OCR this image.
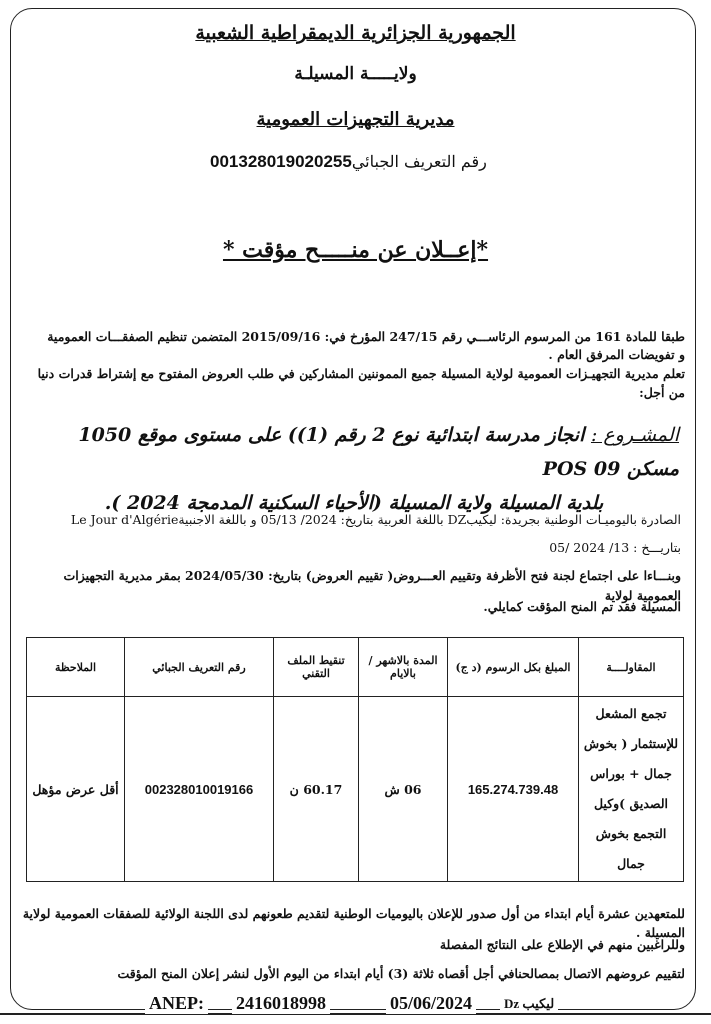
الجمهورية الجزائرية الديمقراطية الشعبية
ولايـــــة المسيلـة
مديرية التجهيزات العمومية
رقم التعريف الجبائي001328019020255
*إعــلان عن منـــــح مؤقت *
طبقا للمادة 161 من المرسوم الرئاســـي رقم 247/15 المؤرخ في: 2015/09/16 المتضمن تنظيم الصفقـــات العمومية
و تفويضات المرفق العام .
تعلم مديرية التجهيـزات العمومية لولاية المسيلة جميع المموننين المشاركين في طلب العروض المفتوح مع إشتراط قدرات دنيا من أجل:
المشـروع : انجاز مدرسة ابتدائية نوع 2 رقم (1)) على مستوى موقع 1050 مسكن POS 09
بلدية المسيلة ولاية المسيلة (الأحياء السكنية المدمجة 2024 ).
الصادرة باليوميـات الوطنية بجريدة: ليكيبDZ باللغة العربية بتاريخ: 2024/ 05/13 و باللغة الاجنبيةLe Jour d'Algérie
بتاريـــخ : 13/ 2024 /05
وبنـــاءا على اجتماع لجنة فتح الأظرفة وتقييم العـــروض( تقييم العروض) بتاريخ: 2024/05/30 بمقر مديرية التجهيزات العمومية لولاية
المسيلة فقد تم المنح المؤقت كمايلي.
المقاولــــة	المبلغ بكل الرسوم (د ج)	المدة بالاشهر / بالايام	تنقيط الملف التقني	رقم التعريف الجبائي	الملاحظة
تجمع المشعل للإستثمار ( بخوش جمال + بوراس الصديق )وكيل التجمع بخوش جمال	165.274.739.48	06 ش	60.17 ن	002328010019166	أقل عرض مؤهل
للمتعهدين عشرة أيام ابتداء من أول صدور للإعلان باليوميات الوطنية لتقديم طعونهم لدى اللجنة الولائية للصفقات العمومية لولاية المسيلة .
وللراغبين منهم في الإطلاع على النتائج المفصلة
لتقييم عروضهم الاتصال بمصالحنافي أجل أقصاه ثلاثة (3) أيام ابتداء من اليوم الأول لنشر إعلان المنح المؤقت
ANEP: 2416018998	05/06/2024	Dz ليكيب
